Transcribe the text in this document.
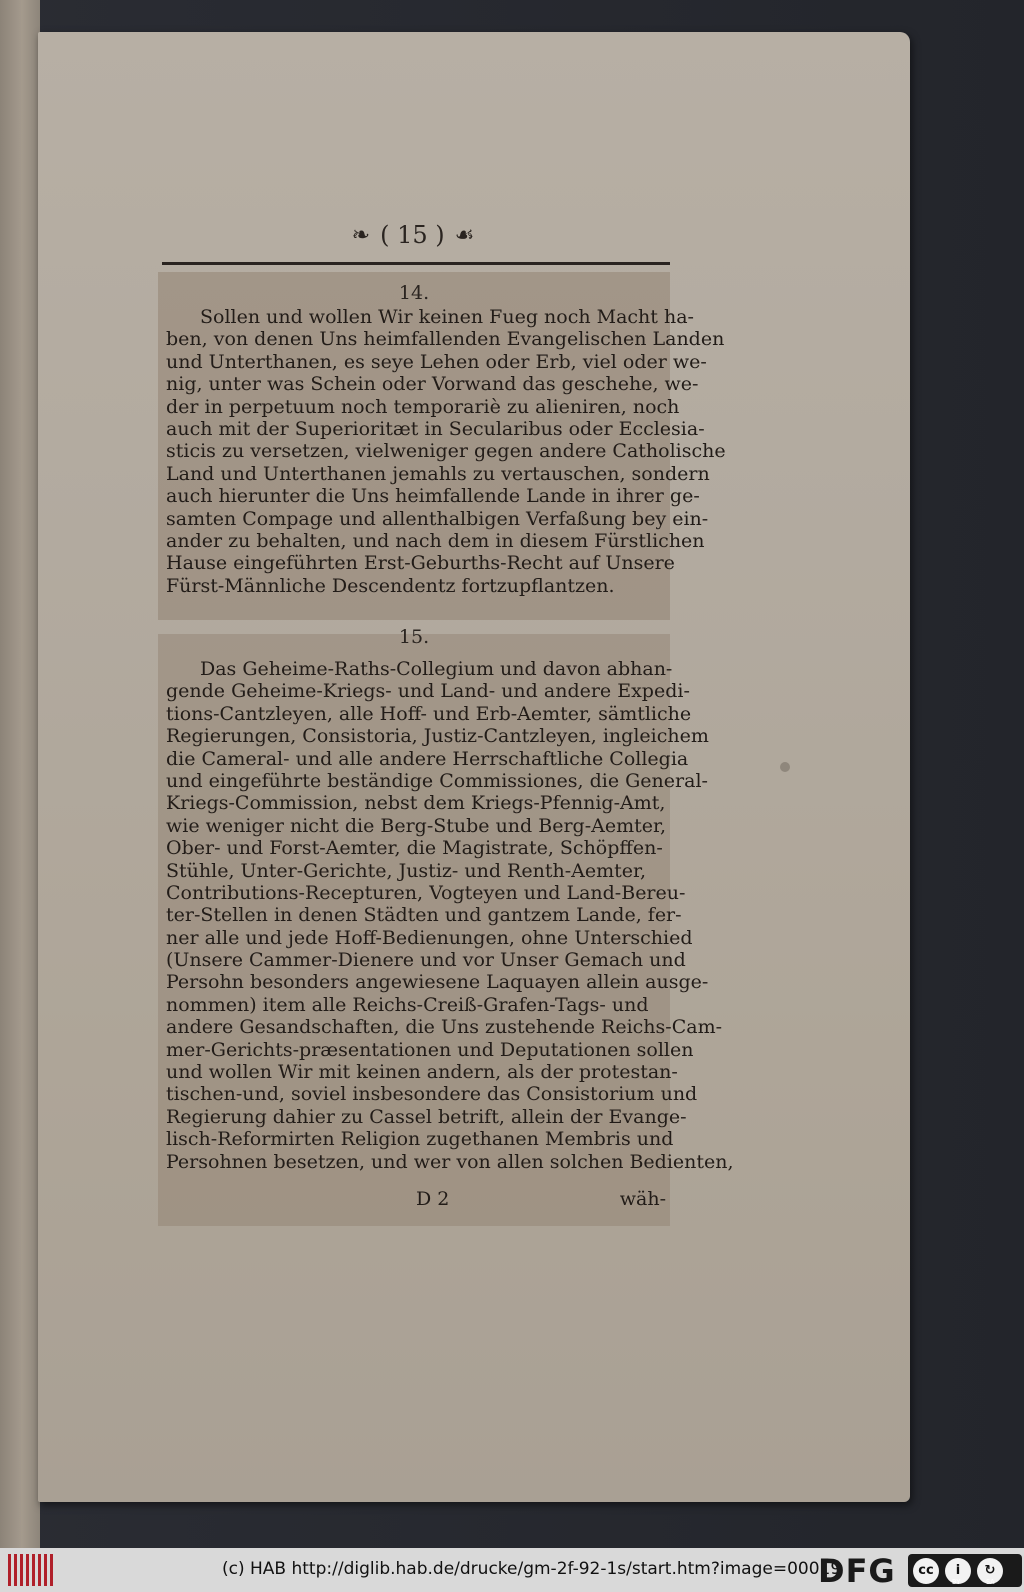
❧ ( 15 ) ☙
14.
Sollen und wollen Wir keinen Fueg noch Macht ha-
ben, von denen Uns heimfallenden Evangelischen Landen
und Unterthanen, es seye Lehen oder Erb, viel oder we-
nig, unter was Schein oder Vorwand das geschehe, we-
der in perpetuum noch temporariè zu alieniren, noch
auch mit der Superioritæt in Secularibus oder Ecclesia-
sticis zu versetzen, vielweniger gegen andere Catholische
Land und Unterthanen jemahls zu vertauschen, sondern
auch hierunter die Uns heimfallende Lande in ihrer ge-
samten Compage und allenthalbigen Verfaßung bey ein-
ander zu behalten, und nach dem in diesem Fürstlichen
Hause eingeführten Erst-Geburths-Recht auf Unsere
Fürst-Männliche Descendentz fortzupflantzen.
15.
Das Geheime-Raths-Collegium und davon abhan-
gende Geheime-Kriegs- und Land- und andere Expedi-
tions-Cantzleyen, alle Hoff- und Erb-Aemter, sämtliche
Regierungen, Consistoria, Justiz-Cantzleyen, ingleichem
die Cameral- und alle andere Herrschaftliche Collegia
und eingeführte beständige Commissiones, die General-
Kriegs-Commission, nebst dem Kriegs-Pfennig-Amt,
wie weniger nicht die Berg-Stube und Berg-Aemter,
Ober- und Forst-Aemter, die Magistrate, Schöpffen-
Stühle, Unter-Gerichte, Justiz- und Renth-Aemter,
Contributions-Recepturen, Vogteyen und Land-Bereu-
ter-Stellen in denen Städten und gantzem Lande, fer-
ner alle und jede Hoff-Bedienungen, ohne Unterschied
(Unsere Cammer-Dienere und vor Unser Gemach und
Persohn besonders angewiesene Laquayen allein ausge-
nommen) item alle Reichs-Creiß-Grafen-Tags- und
andere Gesandschaften, die Uns zustehende Reichs-Cam-
mer-Gerichts-præsentationen und Deputationen sollen
und wollen Wir mit keinen andern, als der protestan-
tischen-und, soviel insbesondere das Consistorium und
Regierung dahier zu Cassel betrift, allein der Evange-
lisch-Reformirten Religion zugethanen Membris und
Persohnen besetzen, und wer von allen solchen Bedienten,
D 2	wäh-
(c) HAB http://diglib.hab.de/drucke/gm-2f-92-1s/start.htm?image=00019
DFG	cc	i	↻
BY	SA
